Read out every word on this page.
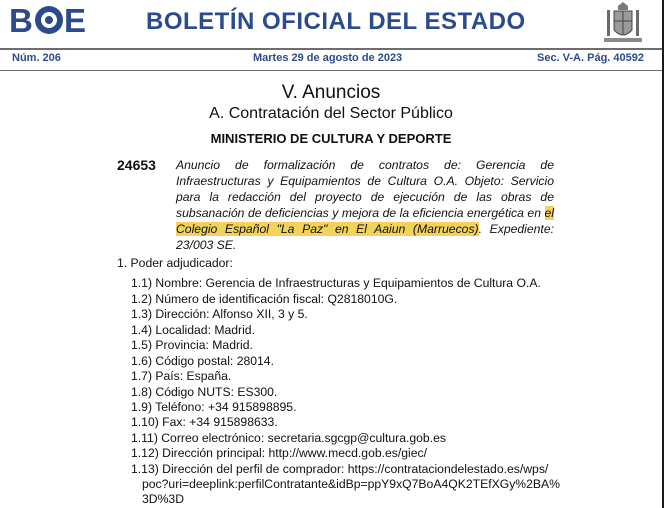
B E BOLETÍN OFICIAL DEL ESTADO
Núm. 206	Martes 29 de agosto de 2023	Sec. V-A. Pág. 40592
V. Anuncios
A. Contratación del Sector Público
MINISTERIO DE CULTURA Y DEPORTE
24653 Anuncio de formalización de contratos de: Gerencia de Infraestructuras y Equipamientos de Cultura O.A. Objeto: Servicio para la redacción del proyecto de ejecución de las obras de subsanación de deficiencias y mejora de la eficiencia energética en el Colegio Español "La Paz" en El Aaiun (Marruecos). Expediente: 23/003 SE.
1. Poder adjudicador:
1.1) Nombre: Gerencia de Infraestructuras y Equipamientos de Cultura O.A.
1.2) Número de identificación fiscal: Q2818010G.
1.3) Dirección: Alfonso XII, 3 y 5.
1.4) Localidad: Madrid.
1.5) Provincia: Madrid.
1.6) Código postal: 28014.
1.7) País: España.
1.8) Código NUTS: ES300.
1.9) Teléfono: +34 915898895.
1.10) Fax: +34 915898633.
1.11) Correo electrónico: secretaria.sgcgp@cultura.gob.es
1.12) Dirección principal: http://www.mecd.gob.es/giec/
1.13) Dirección del perfil de comprador: https://contrataciondelestado.es/wps/
poc?uri=deeplink:perfilContratante&idBp=ppY9xQ7BoA4QK2TEfXGy%2BA%
3D%3D
